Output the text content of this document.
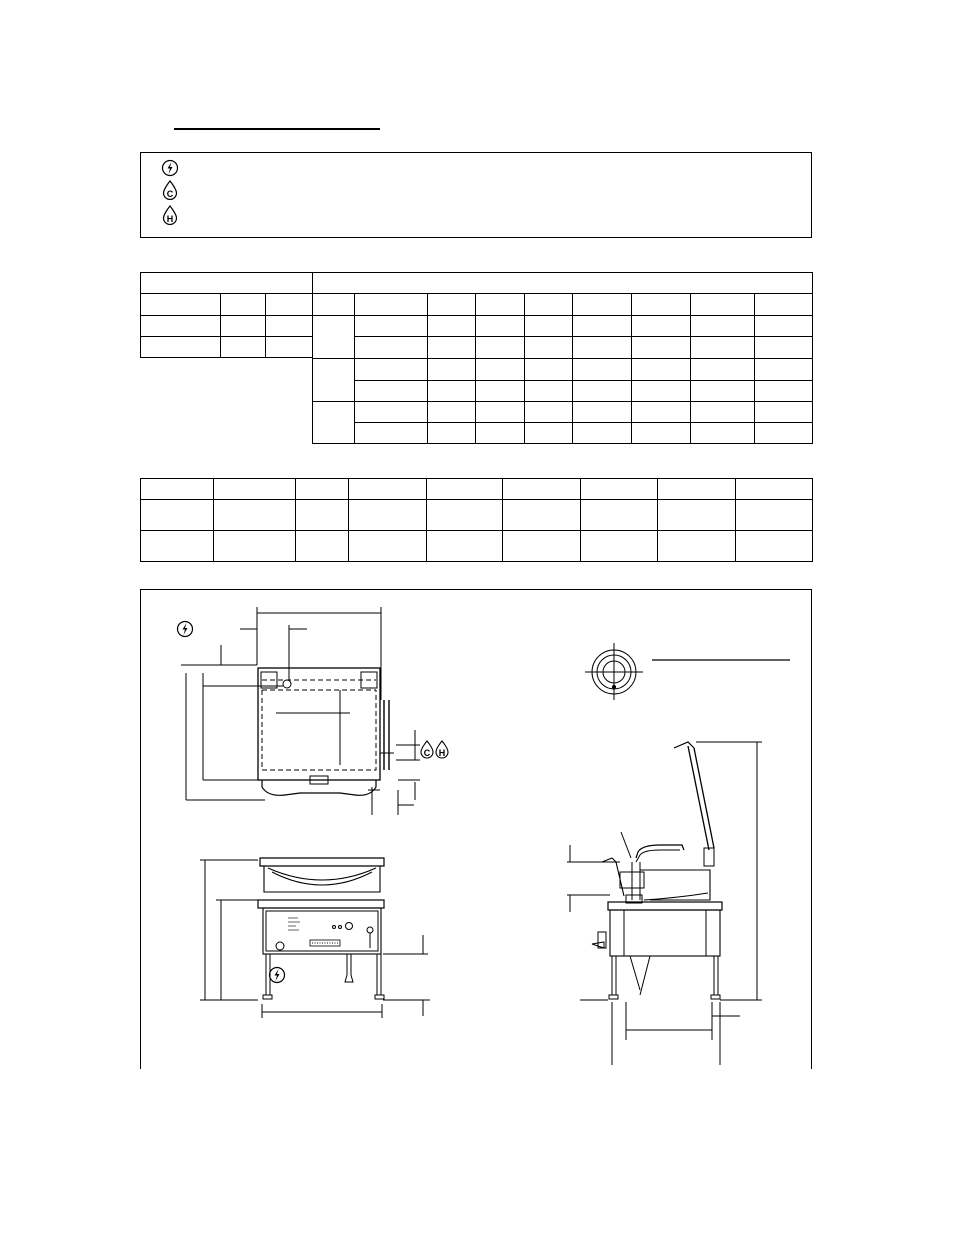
C
H
C H
